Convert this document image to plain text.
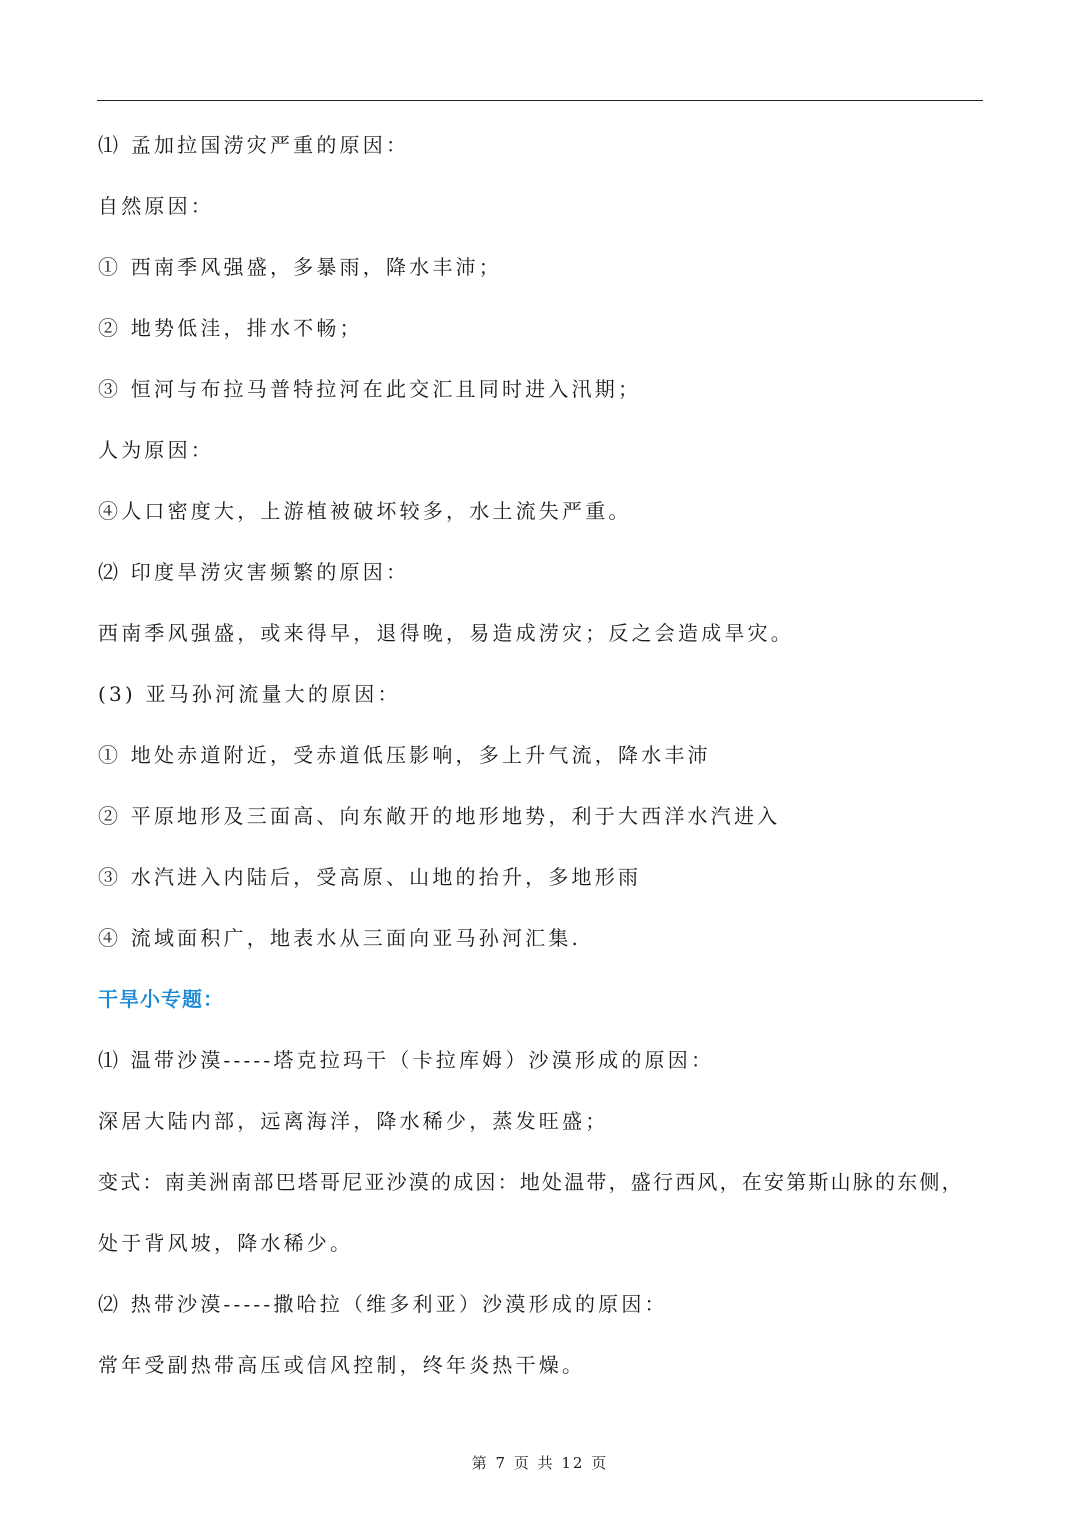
⑴ 孟加拉国涝灾严重的原因：
自然原因：
① 西南季风强盛，多暴雨，降水丰沛；
② 地势低洼，排水不畅；
③ 恒河与布拉马普特拉河在此交汇且同时进入汛期；
人为原因：
④人口密度大，上游植被破坏较多，水土流失严重。
⑵ 印度旱涝灾害频繁的原因：
西南季风强盛，或来得早，退得晚，易造成涝灾；反之会造成旱灾。
(3) 亚马孙河流量大的原因：
① 地处赤道附近，受赤道低压影响，多上升气流，降水丰沛
② 平原地形及三面高、向东敞开的地形地势，利于大西洋水汽进入
③ 水汽进入内陆后，受高原、山地的抬升，多地形雨
④ 流域面积广，地表水从三面向亚马孙河汇集.
干旱小专题：
⑴ 温带沙漠-----塔克拉玛干（卡拉库姆）沙漠形成的原因：
深居大陆内部，远离海洋，降水稀少，蒸发旺盛；
变式：南美洲南部巴塔哥尼亚沙漠的成因：地处温带，盛行西风，在安第斯山脉的东侧，
处于背风坡，降水稀少。
⑵ 热带沙漠-----撒哈拉（维多利亚）沙漠形成的原因：
常年受副热带高压或信风控制，终年炎热干燥。
第 7 页 共 12 页
